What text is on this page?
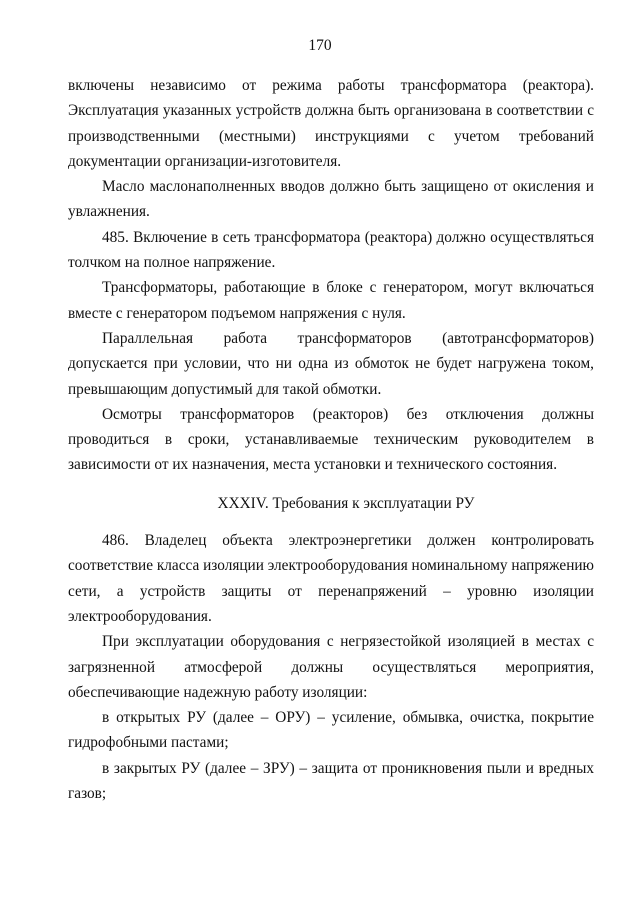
170

включены независимо от режима работы трансформатора (реактора). Эксплуатация указанных устройств должна быть организована в соответствии с производственными (местными) инструкциями с учетом требований документации организации-изготовителя.

Масло маслонаполненных вводов должно быть защищено от окисления и увлажнения.

485. Включение в сеть трансформатора (реактора) должно осуществляться толчком на полное напряжение.

Трансформаторы, работающие в блоке с генератором, могут включаться вместе с генератором подъемом напряжения с нуля.

Параллельная работа трансформаторов (автотрансформаторов) допускается при условии, что ни одна из обмоток не будет нагружена током, превышающим допустимый для такой обмотки.

Осмотры трансформаторов (реакторов) без отключения должны проводиться в сроки, устанавливаемые техническим руководителем в зависимости от их назначения, места установки и технического состояния.

XXXIV. Требования к эксплуатации РУ

486. Владелец объекта электроэнергетики должен контролировать соответствие класса изоляции электрооборудования номинальному напряжению сети, а устройств защиты от перенапряжений – уровню изоляции электрооборудования.

При эксплуатации оборудования с негрязестойкой изоляцией в местах с загрязненной атмосферой должны осуществляться мероприятия, обеспечивающие надежную работу изоляции:

в открытых РУ (далее – ОРУ) – усиление, обмывка, очистка, покрытие гидрофобными пастами;

в закрытых РУ (далее – ЗРУ) – защита от проникновения пыли и вредных газов;
